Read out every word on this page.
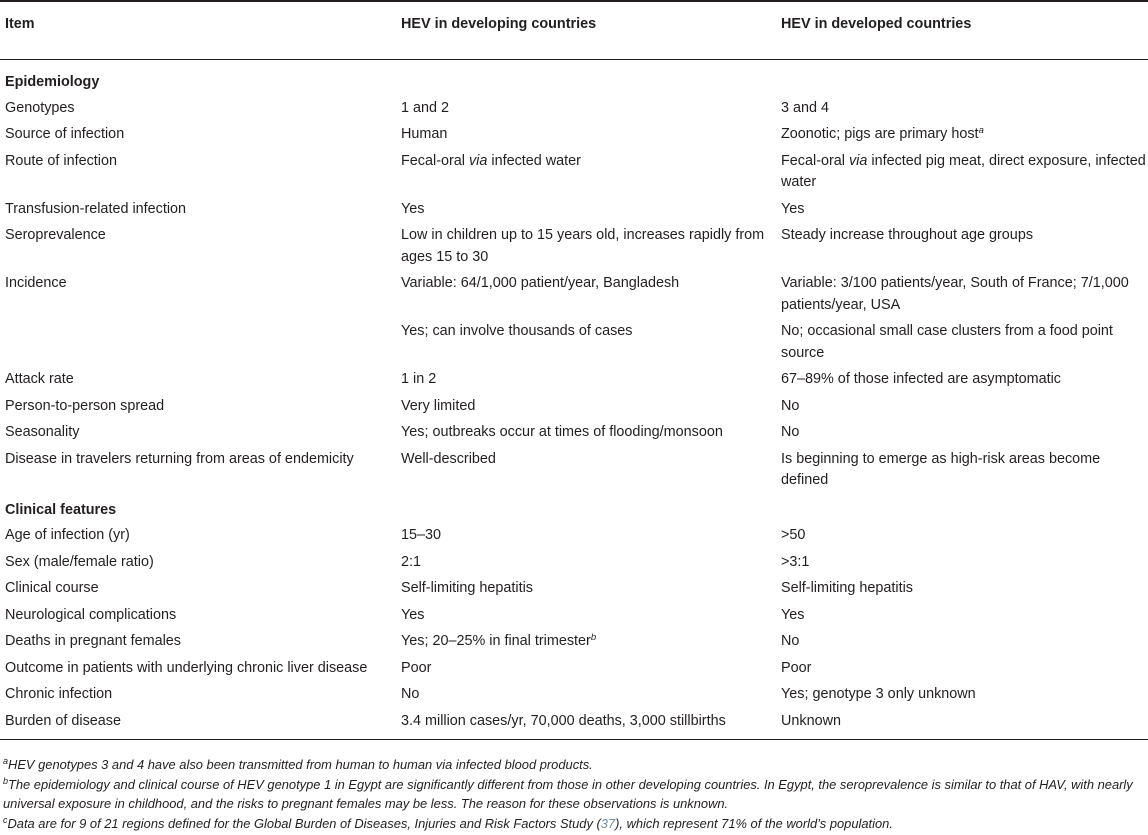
Item	HEV in developing countries	HEV in developed countries
Epidemiology		
Genotypes	1 and 2	3 and 4
Source of infection	Human	Zoonotic; pigs are primary host$^a$
Route of infection	Fecal-oral via infected water	Fecal-oral via infected pig meat, direct exposure, infected water
Transfusion-related infection	Yes	Yes
Seroprevalence	Low in children up to 15 years old, increases rapidly from ages 15 to 30	Steady increase throughout age groups
Incidence	Variable: 64/1,000 patient/year, Bangladesh	Variable: 3/100 patients/year, South of France; 7/1,000 patients/year, USA
	Yes; can involve thousands of cases	No; occasional small case clusters from a food point source
Attack rate	1 in 2	67–89% of those infected are asymptomatic
Person-to-person spread	Very limited	No
Seasonality	Yes; outbreaks occur at times of flooding/monsoon	No
Disease in travelers returning from areas of endemicity	Well-described	Is beginning to emerge as high-risk areas become defined
Clinical features		
Age of infection (yr)	15–30	>50
Sex (male/female ratio)	2:1	>3:1
Clinical course	Self-limiting hepatitis	Self-limiting hepatitis
Neurological complications	Yes	Yes
Deaths in pregnant females	Yes; 20–25% in final trimester$^b$	No
Outcome in patients with underlying chronic liver disease	Poor	Poor
Chronic infection	No	Yes; genotype 3 only unknown
Burden of disease	3.4 million cases/yr, 70,000 deaths, 3,000 stillbirths	Unknown

$^a$HEV genotypes 3 and 4 have also been transmitted from human to human via infected blood products.

$^b$The epidemiology and clinical course of HEV genotype 1 in Egypt are significantly different from those in other developing countries. In Egypt, the seroprevalence is similar to that of HAV, with nearly universal exposure in childhood, and the risks to pregnant females may be less. The reason for these observations is unknown.

$^c$Data are for 9 of 21 regions defined for the Global Burden of Diseases, Injuries and Risk Factors Study (37), which represent 71% of the world’s population.
